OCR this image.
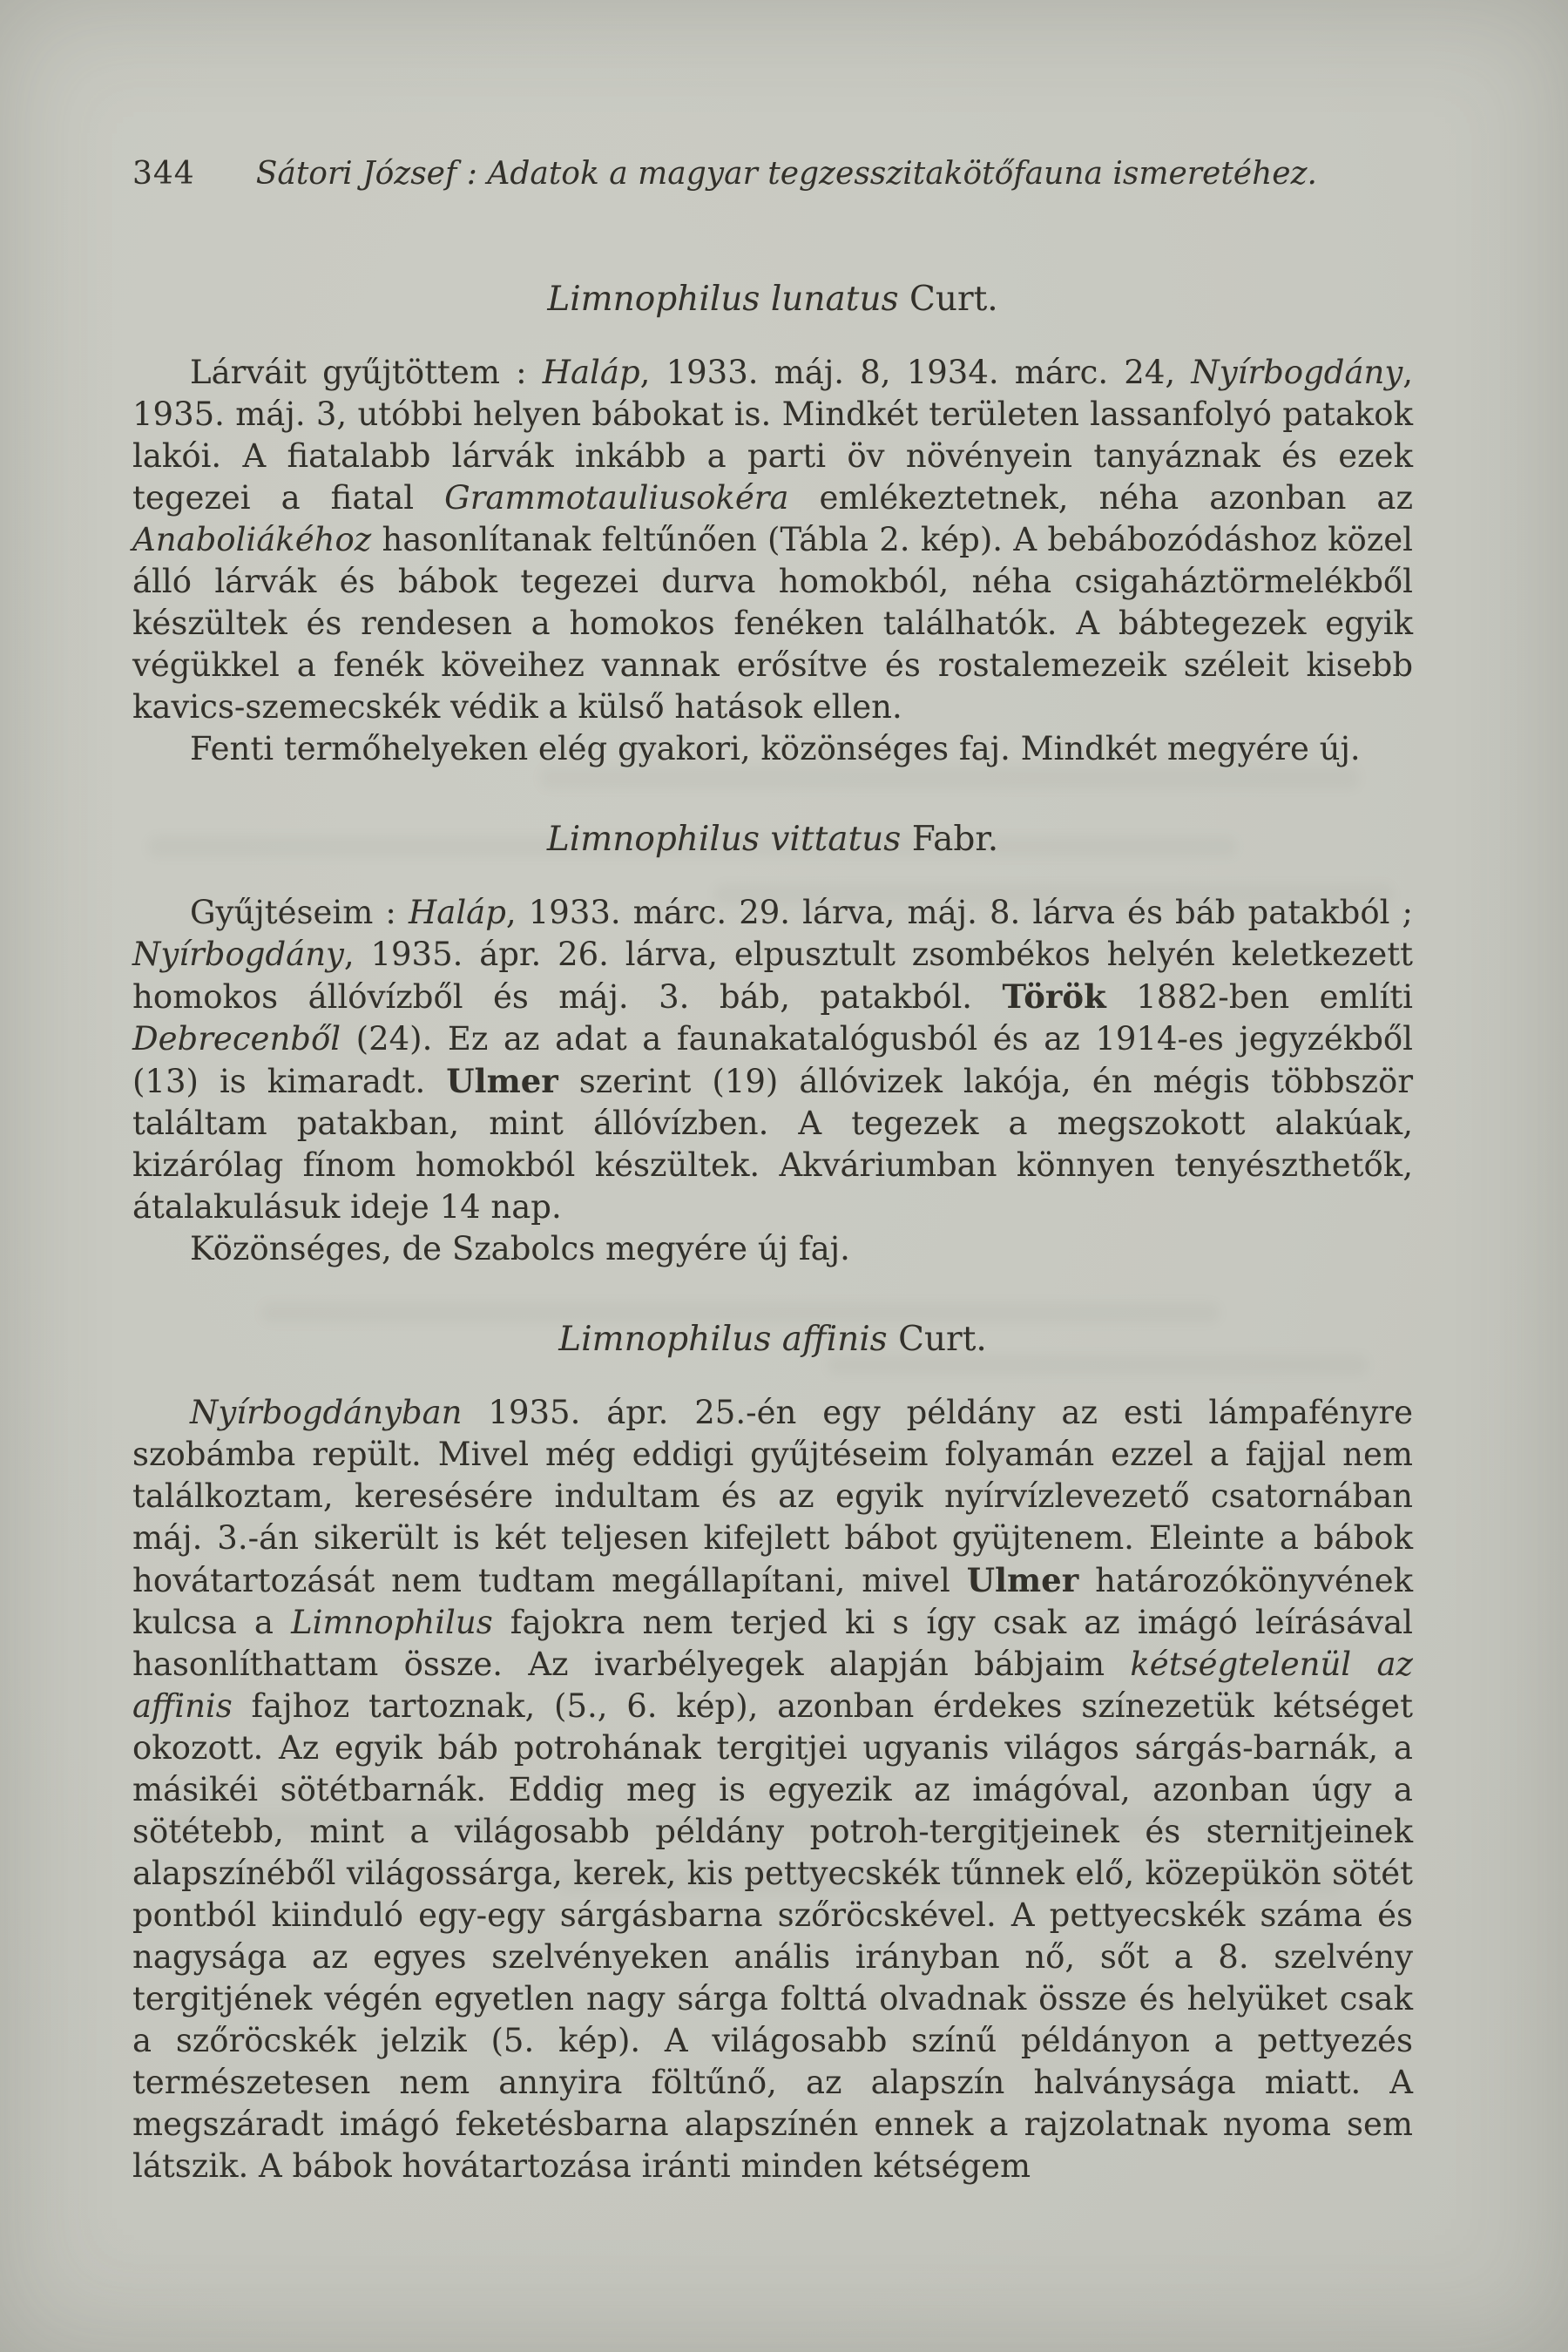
344	Sátori József : Adatok a magyar tegzesszitakötőfauna ismeretéhez.
Limnophilus lunatus Curt.

Lárváit gyűjtöttem : Haláp, 1933. máj. 8, 1934. márc. 24, Nyírbogdány, 1935. máj. 3, utóbbi helyen bábokat is. Mindkét területen lassanfolyó patakok lakói. A fiatalabb lárvák inkább a parti öv növényein tanyáznak és ezek tegezei a fiatal Grammotauliusokéra emlékeztetnek, néha azonban az Anaboliákéhoz hasonlítanak feltűnően (Tábla 2. kép). A bebábozódáshoz közel álló lárvák és bábok tegezei durva homokból, néha csigaháztörmelékből készültek és rendesen a homokos fenéken találhatók. A bábtegezek egyik végükkel a fenék köveihez vannak erősítve és rostalemezeik széleit kisebb kavics-szemecskék védik a külső hatások ellen.

Fenti termőhelyeken elég gyakori, közönséges faj. Mindkét megyére új.

Limnophilus vittatus Fabr.

Gyűjtéseim : Haláp, 1933. márc. 29. lárva, máj. 8. lárva és báb patakból ; Nyírbogdány, 1935. ápr. 26. lárva, elpusztult zsombékos helyén keletkezett homokos állóvízből és máj. 3. báb, patakból. Török 1882-ben említi Debrecenből (24). Ez az adat a faunakatalógusból és az 1914-es jegyzékből (13) is kimaradt. Ulmer szerint (19) állóvizek lakója, én mégis többször találtam patakban, mint állóvízben. A tegezek a megszokott alakúak, kizárólag fínom homokból készültek. Akváriumban könnyen tenyészthetők, átalakulásuk ideje 14 nap.

Közönséges, de Szabolcs megyére új faj.

Limnophilus affinis Curt.

Nyírbogdányban 1935. ápr. 25.-én egy példány az esti lámpafényre szobámba repült. Mivel még eddigi gyűjtéseim folyamán ezzel a fajjal nem találkoztam, keresésére indultam és az egyik nyírvízlevezető csatornában máj. 3.-án sikerült is két teljesen kifejlett bábot gyüjtenem. Eleinte a bábok hovátartozását nem tudtam megállapítani, mivel Ulmer határozókönyvének kulcsa a Limnophilus fajokra nem terjed ki s így csak az imágó leírásával hasonlíthattam össze. Az ivarbélyegek alapján bábjaim kétségtelenül az affinis fajhoz tartoznak, (5., 6. kép), azonban érdekes színezetük kétséget okozott. Az egyik báb potrohának tergitjei ugyanis világos sárgás-barnák, a másikéi sötétbarnák. Eddig meg is egyezik az imágóval, azonban úgy a sötétebb, mint a világosabb példány potroh-tergitjeinek és sternitjeinek alapszínéből világossárga, kerek, kis pettyecskék tűnnek elő, közepükön sötét pontból kiinduló egy-egy sárgásbarna szőröcskével. A pettyecskék száma és nagysága az egyes szelvényeken anális irányban nő, sőt a 8. szelvény tergitjének végén egyetlen nagy sárga folttá olvadnak össze és helyüket csak a szőröcskék jelzik (5. kép). A világosabb színű példányon a pettyezés természetesen nem annyira föltűnő, az alapszín halványsága miatt. A megszáradt imágó feketésbarna alapszínén ennek a rajzolatnak nyoma sem látszik. A bábok hovátartozása iránti minden kétségem
